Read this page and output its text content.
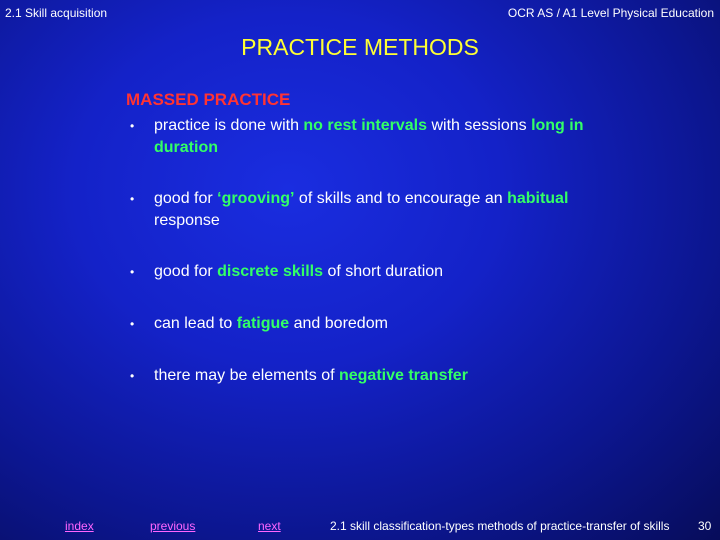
2.1 Skill acquisition	OCR AS / A1 Level Physical Education
PRACTICE METHODS
MASSED PRACTICE
• practice is done with no rest intervals with sessions long in duration
• good for ‘grooving’ of skills and to encourage an habitual response
• good for discrete skills of short duration
• can lead to fatigue and boredom
• there may be elements of negative transfer
index	previous	next	2.1 skill classification-types methods of practice-transfer of skills 30
